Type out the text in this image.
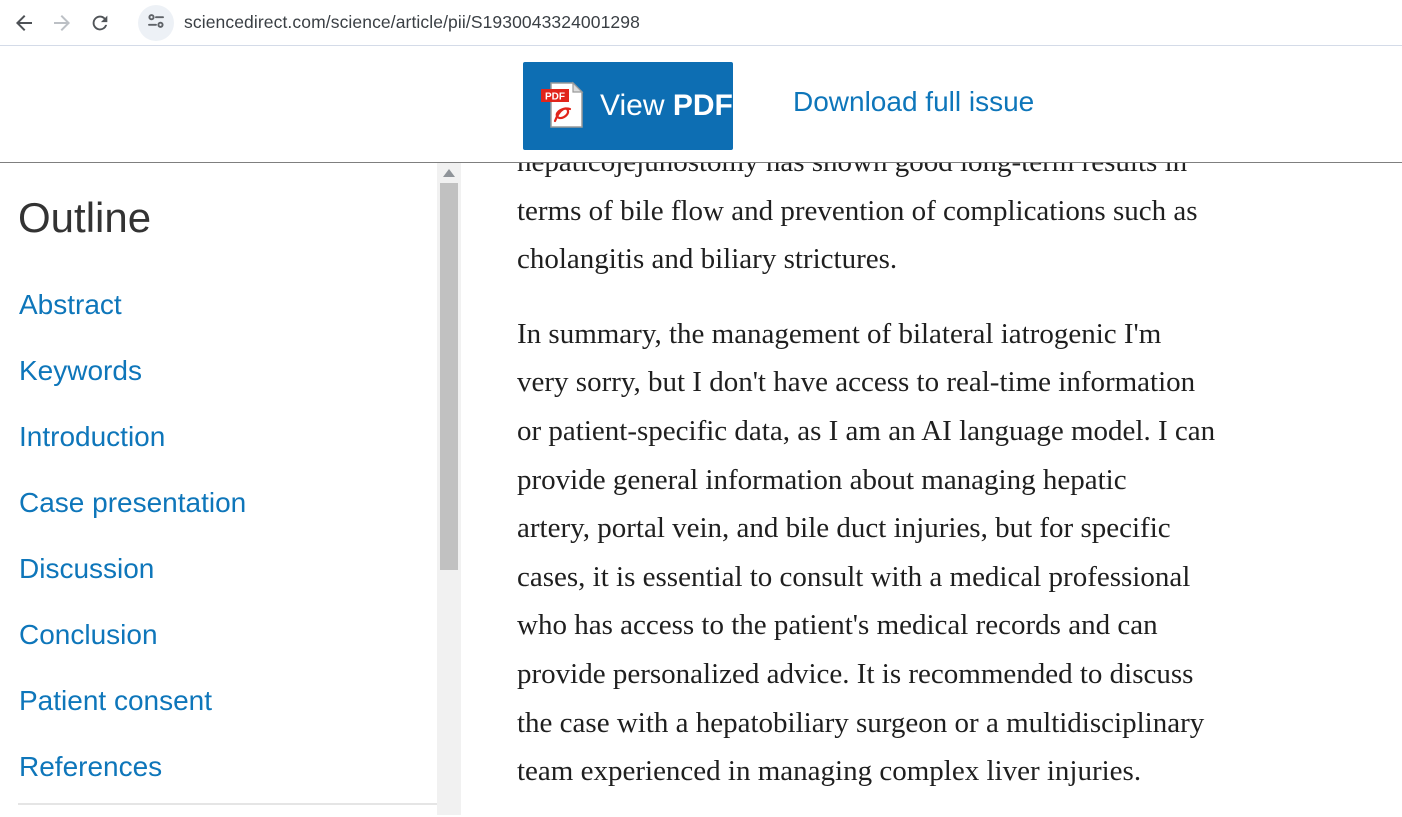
sciencedirect.com/science/article/pii/S1930043324001298
PDF View PDF Download full issue
Outline
Abstract
Keywords
Introduction
Case presentation
Discussion
Conclusion
Patient consent
References

terms of bile flow and prevention of complications such as
cholangitis and biliary strictures.

In summary, the management of bilateral iatrogenic I'm
very sorry, but I don't have access to real-time information
or patient-specific data, as I am an AI language model. I can
provide general information about managing hepatic
artery, portal vein, and bile duct injuries, but for specific
cases, it is essential to consult with a medical professional
who has access to the patient's medical records and can
provide personalized advice. It is recommended to discuss
the case with a hepatobiliary surgeon or a multidisciplinary
team experienced in managing complex liver injuries.
